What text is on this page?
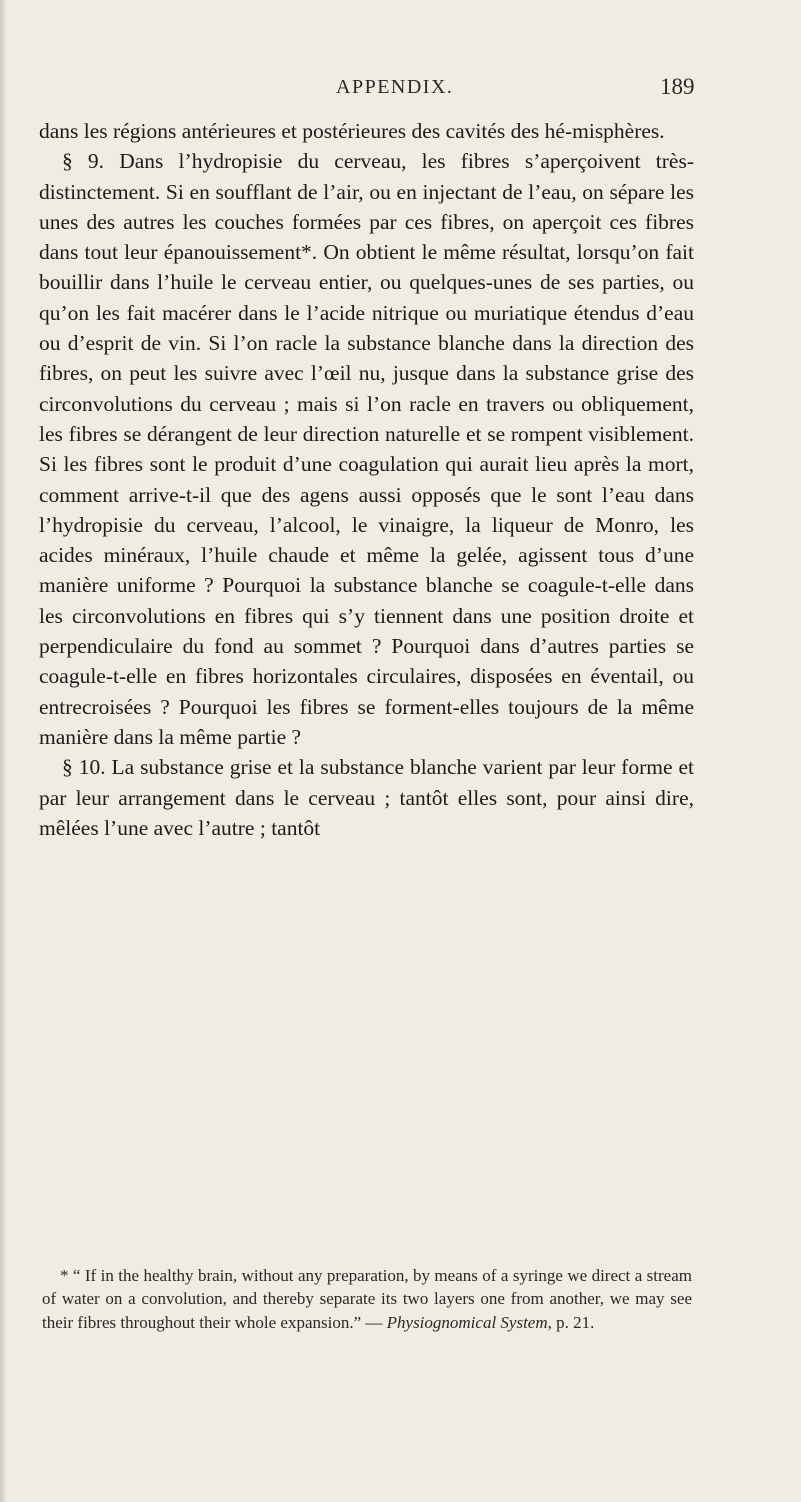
APPENDIX.	189

dans les régions antérieures et postérieures des cavités des hé-misphères.

§ 9. Dans l’hydropisie du cerveau, les fibres s’aperçoivent très-distinctement. Si en soufflant de l’air, ou en injectant de l’eau, on sépare les unes des autres les couches formées par ces fibres, on aperçoit ces fibres dans tout leur épanouissement*. On obtient le même résultat, lorsqu’on fait bouillir dans l’huile le cerveau entier, ou quelques-unes de ses parties, ou qu’on les fait macérer dans le l’acide nitrique ou muriatique étendus d’eau ou d’esprit de vin. Si l’on racle la substance blanche dans la direction des fibres, on peut les suivre avec l’œil nu, jusque dans la substance grise des circonvolutions du cerveau ; mais si l’on racle en travers ou obliquement, les fibres se dérangent de leur direction naturelle et se rompent visiblement. Si les fibres sont le produit d’une coagulation qui aurait lieu après la mort, comment arrive-t-il que des agens aussi opposés que le sont l’eau dans l’hydropisie du cerveau, l’alcool, le vinaigre, la liqueur de Monro, les acides minéraux, l’huile chaude et même la gelée, agissent tous d’une manière uniforme ? Pourquoi la substance blanche se coagule-t-elle dans les circonvolutions en fibres qui s’y tiennent dans une position droite et perpendiculaire du fond au sommet ? Pourquoi dans d’autres parties se coagule-t-elle en fibres horizontales circulaires, disposées en éventail, ou entrecroisées ? Pourquoi les fibres se forment-elles toujours de la même manière dans la même partie ?

§ 10. La substance grise et la substance blanche varient par leur forme et par leur arrangement dans le cerveau ; tantôt elles sont, pour ainsi dire, mêlées l’une avec l’autre ; tantôt

* “ If in the healthy brain, without any preparation, by means of a syringe we direct a stream of water on a convolution, and thereby separate its two layers one from another, we may see their fibres throughout their whole expansion.” — Physiognomical System, p. 21.
